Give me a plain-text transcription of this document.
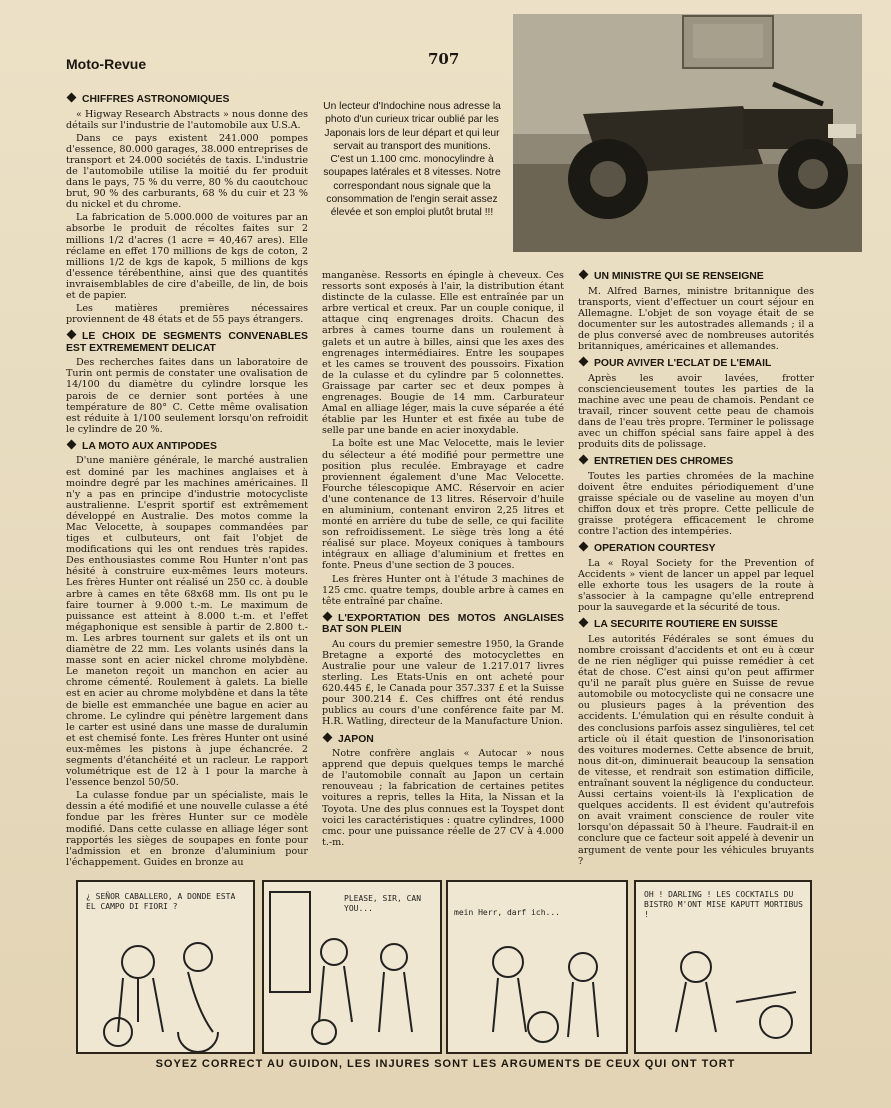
Moto-Revue	707
Un lecteur d'Indochine nous adresse la photo d'un curieux tricar oublié par les Japonais lors de leur départ et qui leur servait au transport des munitions. C'est un 1.100 cmc. monocylindre à soupapes latérales et 8 vitesses. Notre correspondant nous signale que la consommation de l'engin serait assez élevée et son emploi plutôt brutal !!!
CHIFFRES ASTRONOMIQUES

« Higway Research Abstracts » nous donne des détails sur l'industrie de l'automobile aux U.S.A.

Dans ce pays existent 241.000 pompes d'essence, 80.000 garages, 38.000 entreprises de transport et 24.000 sociétés de taxis. L'industrie de l'automobile utilise la moitié du fer produit dans le pays, 75 % du verre, 80 % du caoutchouc brut, 90 % des carburants, 68 % du cuir et 23 % du nickel et du chrome.

La fabrication de 5.000.000 de voitures par an absorbe le produit de récoltes faites sur 2 millions 1/2 d'acres (1 acre = 40,467 ares). Elle réclame en effet 170 millions de kgs de coton, 2 millions 1/2 de kgs de kapok, 5 millions de kgs d'essence térébenthine, ainsi que des quantités invraisemblables de cire d'abeille, de lin, de bois et de papier.

Les matières premières nécessaires proviennent de 48 états et de 55 pays étrangers.

LE CHOIX DE SEGMENTS CONVENABLES EST EXTREMEMENT DELICAT

Des recherches faites dans un laboratoire de Turin ont permis de constater une ovalisation de 14/100 du diamètre du cylindre lorsque les parois de ce dernier sont portées à une température de 80° C. Cette même ovalisation est réduite à 1/100 seulement lorsqu'on refroidit le cylindre de 20 %.

LA MOTO AUX ANTIPODES

D'une manière générale, le marché australien est dominé par les machines anglaises et à moindre degré par les machines américaines. Il n'y a pas en principe d'industrie motocycliste australienne. L'esprit sportif est extrêmement développé en Australie. Des motos comme la Mac Velocette, à soupapes commandées par tiges et culbuteurs, ont fait l'objet de modifications qui les ont rendues très rapides. Des enthousiastes comme Rou Hunter n'ont pas hésité à construire eux-mêmes leurs moteurs. Les frères Hunter ont réalisé un 250 cc. à double arbre à cames en tête 68x68 mm. Ils ont pu le faire tourner à 9.000 t.-m. Le maximum de puissance est atteint à 8.000 t.-m. et l'effet mégaphonique est sensible à partir de 2.800 t.-m. Les arbres tournent sur galets et ils ont un diamètre de 22 mm. Les volants usinés dans la masse sont en acier nickel chrome molybdène. Le maneton reçoit un manchon en acier au chrome cémenté. Roulement à galets. La bielle est en acier au chrome molybdène et dans la tête de bielle est emmanchée une bague en acier au chrome. Le cylindre qui pénètre largement dans le carter est usiné dans une masse de duralumin et est chemisé fonte. Les frères Hunter ont usiné eux-mêmes les pistons à jupe échancrée. 2 segments d'étanchéité et un racleur. Le rapport volumétrique est de 12 à 1 pour la marche à l'essence benzol 50/50.

La culasse fondue par un spécialiste, mais le dessin a été modifié et une nouvelle culasse a été fondue par les frères Hunter sur ce modèle modifié. Dans cette culasse en alliage léger sont rapportés les sièges de soupapes en fonte pour l'admission et en bronze d'aluminium pour l'échappement. Guides en bronze au

manganèse. Ressorts en épingle à cheveux. Ces ressorts sont exposés à l'air, la distribution étant distincte de la culasse. Elle est entraînée par un arbre vertical et creux. Par un couple conique, il attaque cinq engrenages droits. Chacun des arbres à cames tourne dans un roulement à galets et un autre à billes, ainsi que les axes des engrenages intermédiaires. Entre les soupapes et les cames se trouvent des poussoirs. Fixation de la culasse et du cylindre par 5 colonnettes. Graissage par carter sec et deux pompes à engrenages. Bougie de 14 mm. Carburateur Amal en alliage léger, mais la cuve séparée a été établie par les Hunter et est fixée au tube de selle par une bande en acier inoxydable.

La boîte est une Mac Velocette, mais le levier du sélecteur a été modifié pour permettre une position plus reculée. Embrayage et cadre proviennent également d'une Mac Velocette. Fourche télescopique AMC. Réservoir en acier d'une contenance de 13 litres. Réservoir d'huile en aluminium, contenant environ 2,25 litres et monté en arrière du tube de selle, ce qui facilite son refroidissement. Le siège très long a été réalisé sur place. Moyeux coniques à tambours intégraux en alliage d'aluminium et frettes en fonte. Pneus d'une section de 3 pouces.

Les frères Hunter ont à l'étude 3 machines de 125 cmc. quatre temps, double arbre à cames en tête entraîné par chaîne.

L'EXPORTATION DES MOTOS ANGLAISES BAT SON PLEIN

Au cours du premier semestre 1950, la Grande Bretagne a exporté des motocyclettes en Australie pour une valeur de 1.217.017 livres sterling. Les Etats-Unis en ont acheté pour 620.445 £, le Canada pour 357.337 £ et la Suisse pour 300.214 £. Ces chiffres ont été rendus publics au cours d'une conférence faite par M. H.R. Watling, directeur de la Manufacture Union.

JAPON

Notre confrère anglais « Autocar » nous apprend que depuis quelques temps le marché de l'automobile connaît au Japon un certain renouveau ; la fabrication de certaines petites voitures a repris, telles la Hita, la Nissan et la Toyota. Une des plus connues est la Toyspet dont voici les caractéristiques : quatre cylindres, 1000 cmc. pour une puissance réelle de 27 CV à 4.000 t.-m.

UN MINISTRE QUI SE RENSEIGNE

M. Alfred Barnes, ministre britannique des transports, vient d'effectuer un court séjour en Allemagne. L'objet de son voyage était de se documenter sur les autostrades allemands ; il a de plus conversé avec de nombreuses autorités britanniques, américaines et allemandes.

POUR AVIVER L'ECLAT DE L'EMAIL

Après les avoir lavées, frotter consciencieusement toutes les parties de la machine avec une peau de chamois. Pendant ce travail, rincer souvent cette peau de chamois dans de l'eau très propre. Terminer le polissage avec un chiffon spécial sans faire appel à des produits dits de polissage.

ENTRETIEN DES CHROMES

Toutes les parties chromées de la machine doivent être enduites périodiquement d'une graisse spéciale ou de vaseline au moyen d'un chiffon doux et très propre. Cette pellicule de graisse protégera efficacement le chrome contre l'action des intempéries.

OPERATION COURTESY

La « Royal Society for the Prevention of Accidents » vient de lancer un appel par lequel elle exhorte tous les usagers de la route à s'associer à la campagne qu'elle entreprend pour la sauvegarde et la sécurité de tous.

LA SECURITE ROUTIERE EN SUISSE

Les autorités Fédérales se sont émues du nombre croissant d'accidents et ont eu à cœur de ne rien négliger qui puisse remédier à cet état de chose. C'est ainsi qu'on peut affirmer qu'il ne paraît plus guère en Suisse de revue automobile ou motocycliste qui ne consacre une ou plusieurs pages à la prévention des accidents. L'émulation qui en résulte conduit à des conclusions parfois assez singulières, tel cet article où il était question de l'insonorisation des voitures modernes. Cette absence de bruit, nous dit-on, diminuerait beaucoup la sensation de vitesse, et rendrait son estimation difficile, entraînant souvent la négligence du conducteur. Aussi certains voient-ils là l'explication de quelques accidents. Il est évident qu'autrefois on avait vraiment conscience de rouler vite lorsqu'on dépassait 50 à l'heure. Faudrait-il en conclure que ce facteur soit appelé à devenir un argument de vente pour les véhicules bruyants ?

¿ SEÑOR CABALLERO, A DONDE ESTA EL CAMPO DI FIORI ?
PLEASE, SIR, CAN YOU...	mein Herr, darf ich...
OH ! DARLING ! LES COCKTAILS DU BISTRO M'ONT MISE KAPUTT MORTIBUS !
SOYEZ CORRECT AU GUIDON, LES INJURES SONT LES ARGUMENTS DE CEUX QUI ONT TORT
